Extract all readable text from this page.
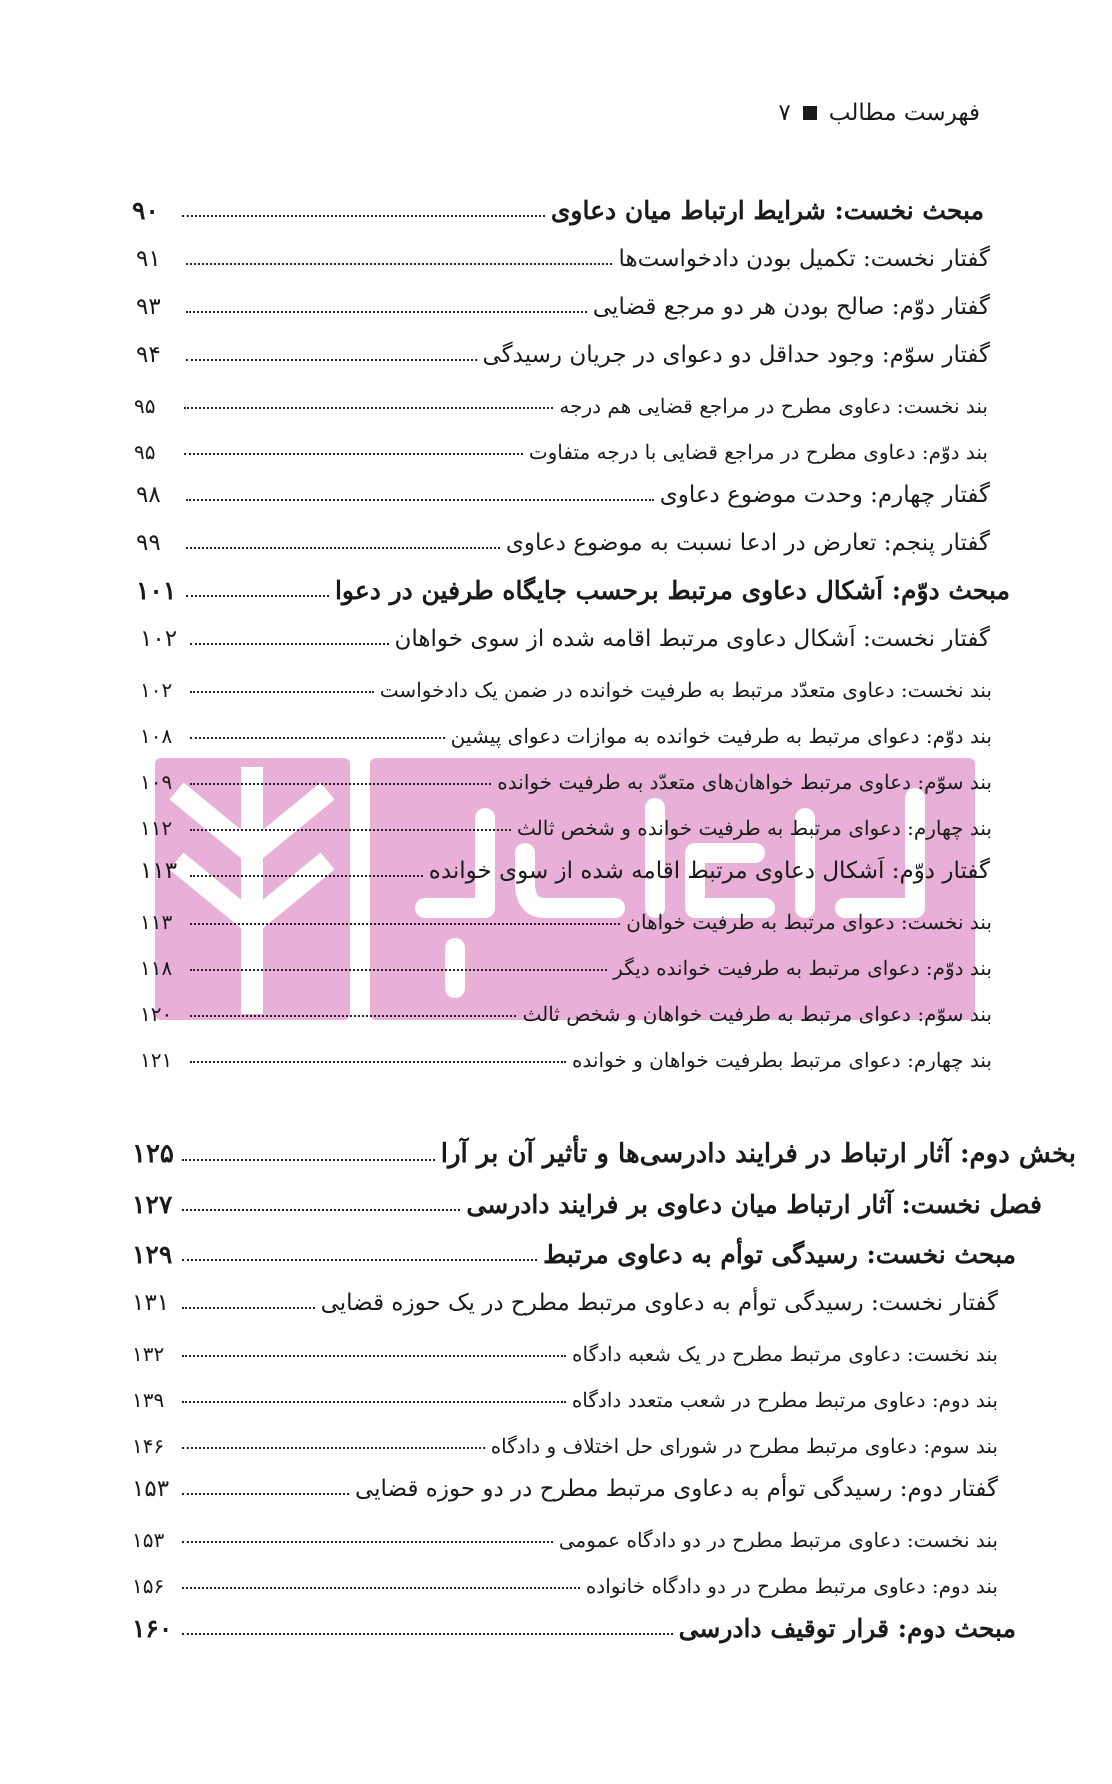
فهرست مطالب
۷
مبحث نخست: شرایط ارتباط میان دعاوی
۹۰
گفتار نخست: تکمیل بودن دادخواست‌ها
۹۱
گفتار دوّم: صالح بودن هر دو مرجع قضایی
۹۳
گفتار سوّم: وجود حداقل دو دعوای در جریان رسیدگی
۹۴
بند نخست: دعاوی مطرح در مراجع قضایی هم درجه
۹۵
بند دوّم: دعاوی مطرح در مراجع قضایی با درجه متفاوت
۹۵
گفتار چهارم: وحدت موضوع دعاوی
۹۸
گفتار پنجم: تعارض در ادعا نسبت به موضوع دعاوی
۹۹
مبحث دوّم: اَشکال دعاوی مرتبط برحسب جایگاه طرفین در دعوا
۱۰۱
گفتار نخست: اَشکال دعاوی مرتبط اقامه شده از سوی خواهان
۱۰۲
بند نخست: دعاوی متعدّد مرتبط به طرفیت خوانده در ضمن یک دادخواست
۱۰۲
بند دوّم: دعوای مرتبط به طرفیت خوانده به موازات دعوای پیشین
۱۰۸
بند سوّم: دعاوی مرتبط خواهان‌های متعدّد به طرفیت خوانده
۱۰۹
بند چهارم: دعوای مرتبط به طرفیت خوانده و شخص ثالث
۱۱۲
گفتار دوّم: اَشکال دعاوی مرتبط اقامه شده از سوی خوانده
۱۱۳
بند نخست: دعوای مرتبط به طرفیت خواهان
۱۱۳
بند دوّم: دعوای مرتبط به طرفیت خوانده دیگر
۱۱۸
بند سوّم: دعوای مرتبط به طرفیت خواهان و شخص ثالث
۱۲۰
بند چهارم: دعوای مرتبط بطرفیت خواهان و خوانده
۱۲۱
بخش دوم: آثار ارتباط در فرایند دادرسی‌ها و تأثیر آن بر آرا
۱۲۵
فصل نخست: آثار ارتباط میان دعاوی بر فرایند دادرسی
۱۲۷
مبحث نخست: رسیدگی توأم به دعاوی مرتبط
۱۲۹
گفتار نخست: رسیدگی توأم به دعاوی مرتبط مطرح در یک حوزه قضایی
۱۳۱
بند نخست: دعاوی مرتبط مطرح در یک شعبه دادگاه
۱۳۲
بند دوم: دعاوی مرتبط مطرح در شعب متعدد دادگاه
۱۳۹
بند سوم: دعاوی مرتبط مطرح در شورای حل اختلاف و دادگاه
۱۴۶
گفتار دوم: رسیدگی توأم به دعاوی مرتبط مطرح در دو حوزه قضایی
۱۵۳
بند نخست: دعاوی مرتبط مطرح در دو دادگاه عمومی
۱۵۳
بند دوم: دعاوی مرتبط مطرح در دو دادگاه خانواده
۱۵۶
مبحث دوم: قرار توقیف دادرسی
۱۶۰
